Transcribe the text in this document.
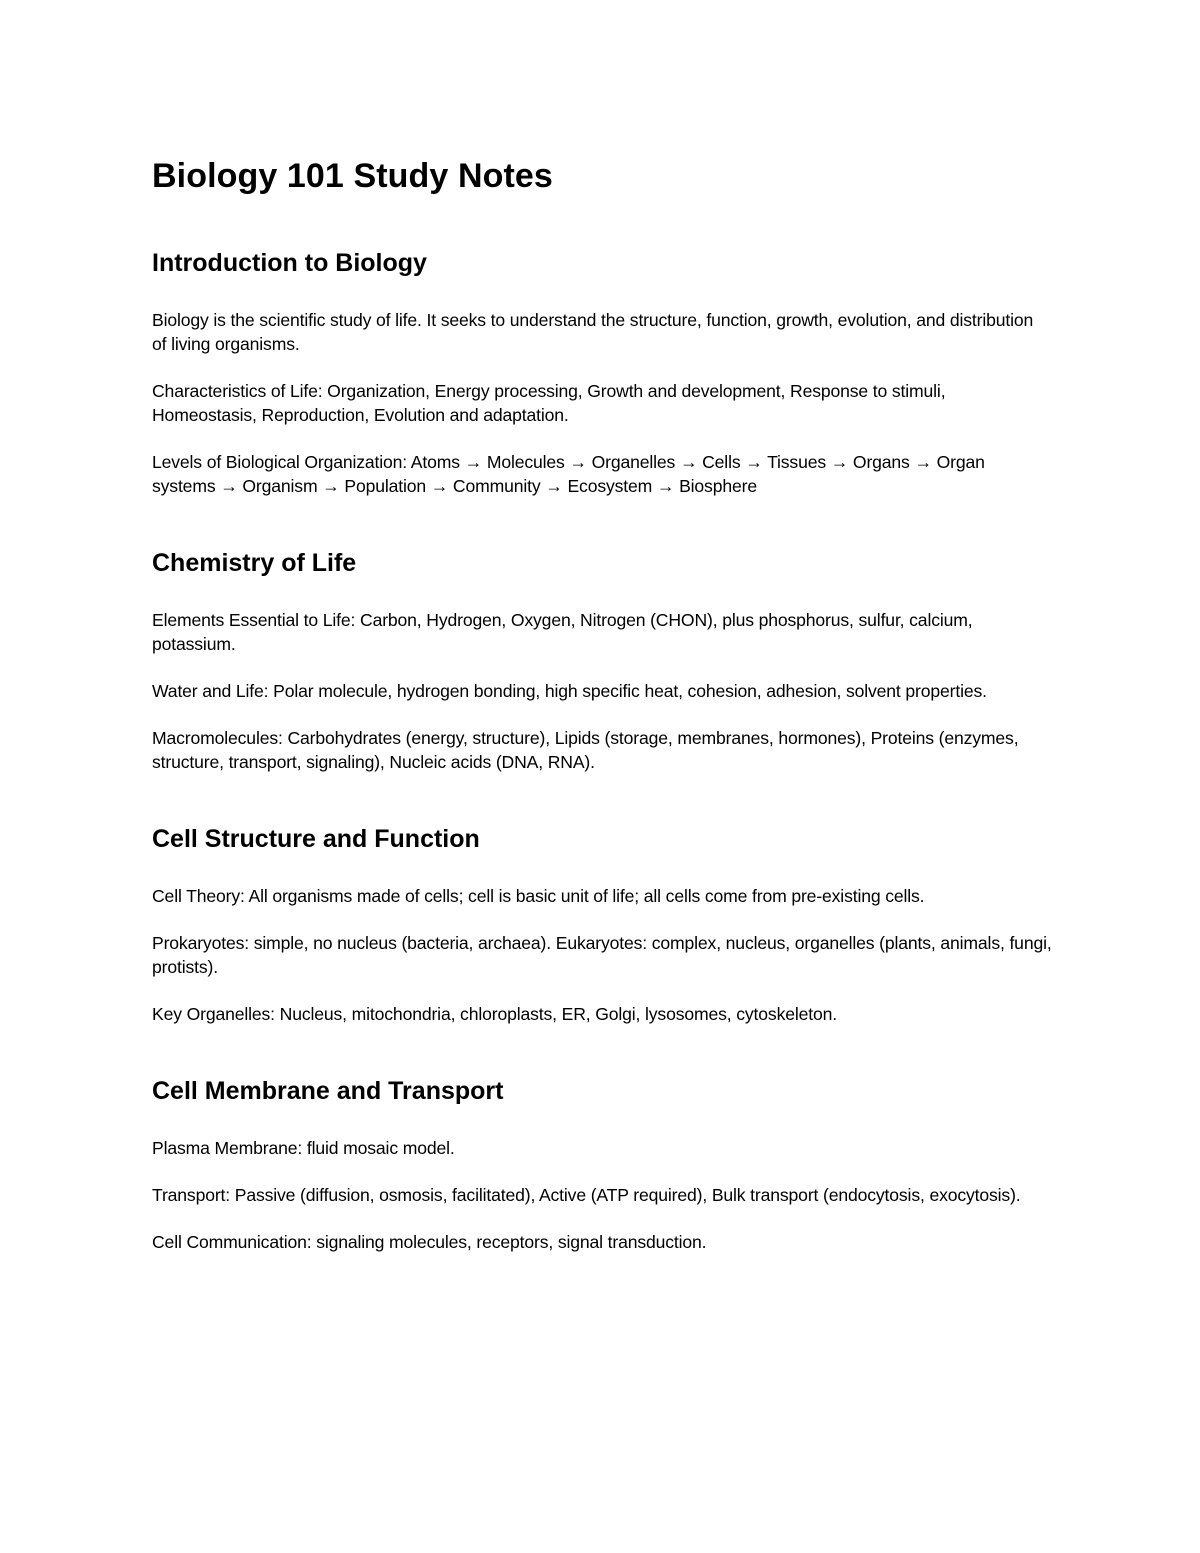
Biology 101 Study Notes
Introduction to Biology

Biology is the scientific study of life. It seeks to understand the structure, function, growth, evolution, and distribution of living organisms.

Characteristics of Life: Organization, Energy processing, Growth and development, Response to stimuli, Homeostasis, Reproduction, Evolution and adaptation.

Levels of Biological Organization: Atoms → Molecules → Organelles → Cells → Tissues → Organs → Organ systems → Organism → Population → Community → Ecosystem → Biosphere

Chemistry of Life

Elements Essential to Life: Carbon, Hydrogen, Oxygen, Nitrogen (CHON), plus phosphorus, sulfur, calcium, potassium.

Water and Life: Polar molecule, hydrogen bonding, high specific heat, cohesion, adhesion, solvent properties.

Macromolecules: Carbohydrates (energy, structure), Lipids (storage, membranes, hormones), Proteins (enzymes, structure, transport, signaling), Nucleic acids (DNA, RNA).

Cell Structure and Function

Cell Theory: All organisms made of cells; cell is basic unit of life; all cells come from pre-existing cells.

Prokaryotes: simple, no nucleus (bacteria, archaea). Eukaryotes: complex, nucleus, organelles (plants, animals, fungi, protists).

Key Organelles: Nucleus, mitochondria, chloroplasts, ER, Golgi, lysosomes, cytoskeleton.

Cell Membrane and Transport

Plasma Membrane: fluid mosaic model.

Transport: Passive (diffusion, osmosis, facilitated), Active (ATP required), Bulk transport (endocytosis, exocytosis).

Cell Communication: signaling molecules, receptors, signal transduction.
